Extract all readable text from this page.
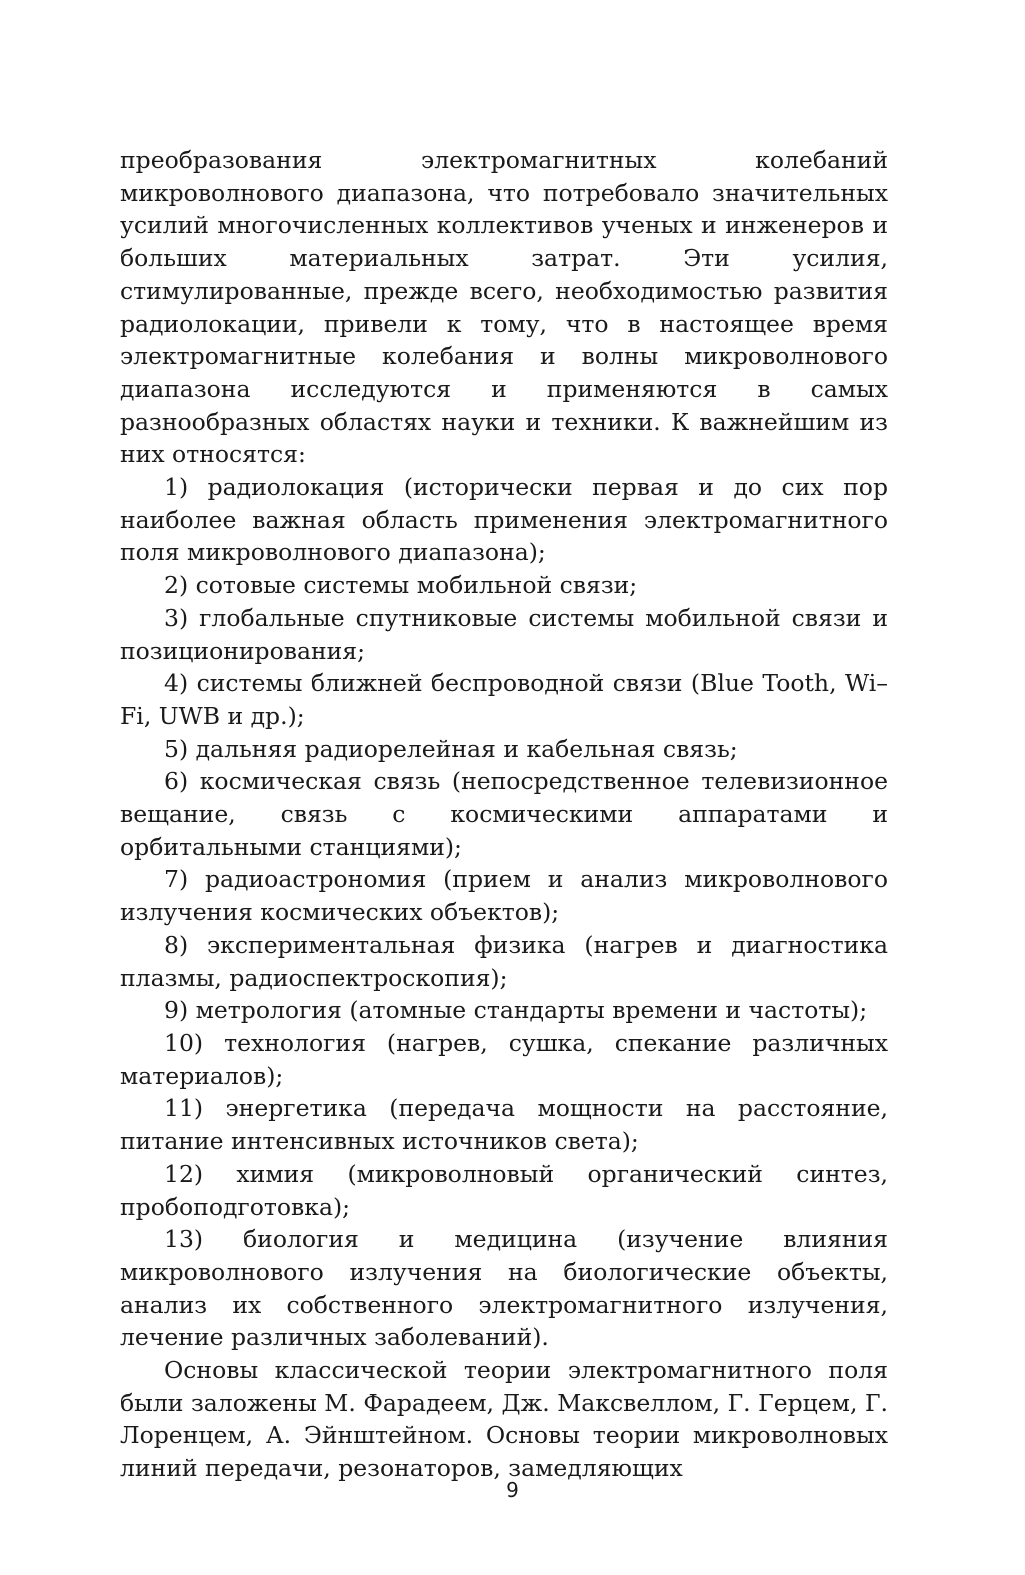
преобразования электромагнитных колебаний микроволнового диапазона, что потребовало значительных усилий многочисленных коллективов ученых и инженеров и больших материальных затрат. Эти усилия, стимулированные, прежде всего, необходимостью развития радиолокации, привели к тому, что в настоящее время электромагнитные колебания и волны микроволнового диапазона исследуются и применяются в самых разнообразных областях науки и техники. К важнейшим из них относятся:

1) радиолокация (исторически первая и до сих пор наиболее важная область применения электромагнитного поля микроволнового диапазона);

2) сотовые системы мобильной связи;

3) глобальные спутниковые системы мобильной связи и позиционирования;

4) системы ближней беспроводной связи (Blue Tooth, Wi–Fi, UWB и др.);

5) дальняя радиорелейная и кабельная связь;

6) космическая связь (непосредственное телевизионное вещание, связь с космическими аппаратами и орбитальными станциями);

7) радиоастрономия (прием и анализ микроволнового излучения космических объектов);

8) экспериментальная физика (нагрев и диагностика плазмы, радиоспектроскопия);

9) метрология (атомные стандарты времени и частоты);

10) технология (нагрев, сушка, спекание различных материалов);

11) энергетика (передача мощности на расстояние, питание интенсивных источников света);

12) химия (микроволновый органический синтез, пробоподготовка);

13) биология и медицина (изучение влияния микроволнового излучения на биологические объекты, анализ их собственного электромагнитного излучения, лечение различных заболеваний).

Основы классической теории электромагнитного поля были заложены М. Фарадеем, Дж. Максвеллом, Г. Герцем, Г. Лоренцем, А. Эйнштейном. Основы теории микроволновых линий передачи, резонаторов, замедляющих

9
